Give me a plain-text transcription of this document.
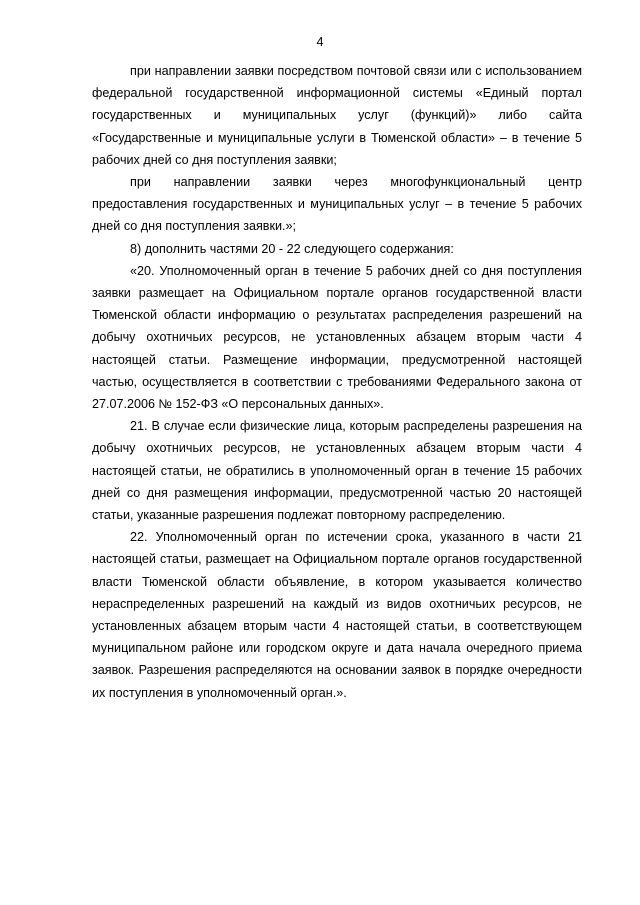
4

при направлении заявки посредством почтовой связи или с использованием федеральной государственной информационной системы «Единый портал государственных и муниципальных услуг (функций)» либо сайта «Государственные и муниципальные услуги в Тюменской области» – в течение 5 рабочих дней со дня поступления заявки;

при направлении заявки через многофункциональный центр предоставления государственных и муниципальных услуг – в течение 5 рабочих дней со дня поступления заявки.»;

8) дополнить частями 20 - 22 следующего содержания:

«20. Уполномоченный орган в течение 5 рабочих дней со дня поступления заявки размещает на Официальном портале органов государственной власти Тюменской области информацию о результатах распределения разрешений на добычу охотничьих ресурсов, не установленных абзацем вторым части 4 настоящей статьи. Размещение информации, предусмотренной настоящей частью, осуществляется в соответствии с требованиями Федерального закона от 27.07.2006 № 152-ФЗ «О персональных данных».

21. В случае если физические лица, которым распределены разрешения на добычу охотничьих ресурсов, не установленных абзацем вторым части 4 настоящей статьи, не обратились в уполномоченный орган в течение 15 рабочих дней со дня размещения информации, предусмотренной частью 20 настоящей статьи, указанные разрешения подлежат повторному распределению.

22. Уполномоченный орган по истечении срока, указанного в части 21 настоящей статьи, размещает на Официальном портале органов государственной власти Тюменской области объявление, в котором указывается количество нераспределенных разрешений на каждый из видов охотничьих ресурсов, не установленных абзацем вторым части 4 настоящей статьи, в соответствующем муниципальном районе или городском округе и дата начала очередного приема заявок. Разрешения распределяются на основании заявок в порядке очередности их поступления в уполномоченный орган.».
